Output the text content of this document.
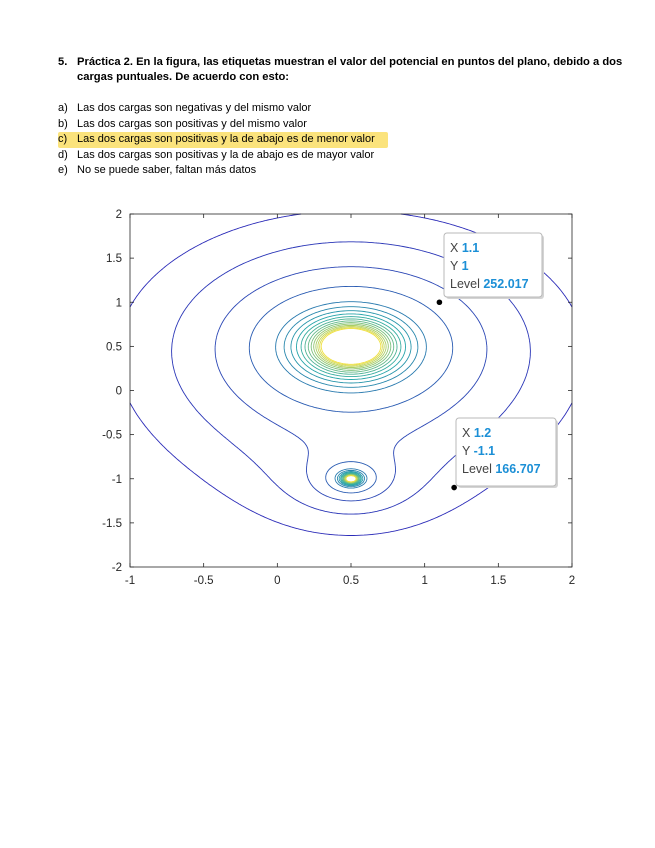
5. Práctica 2. En la figura, las etiquetas muestran el valor del potencial en puntos del plano, debido a dos cargas puntuales. De acuerdo con esto:
a) Las dos cargas son negativas y del mismo valor
b) Las dos cargas son positivas y del mismo valor
c) Las dos cargas son positivas y la de abajo es de menor valor
d) Las dos cargas son positivas y la de abajo es de mayor valor
e) No se puede saber, faltan más datos
-1	-0.5	0	0.5	1	1.5	2
-2
-1.5
-1
-0.5
0
0.5
1
1.5
2
X 1.1
Y 1
Level 252.017
X 1.2
Y -1.1
Level 166.707
